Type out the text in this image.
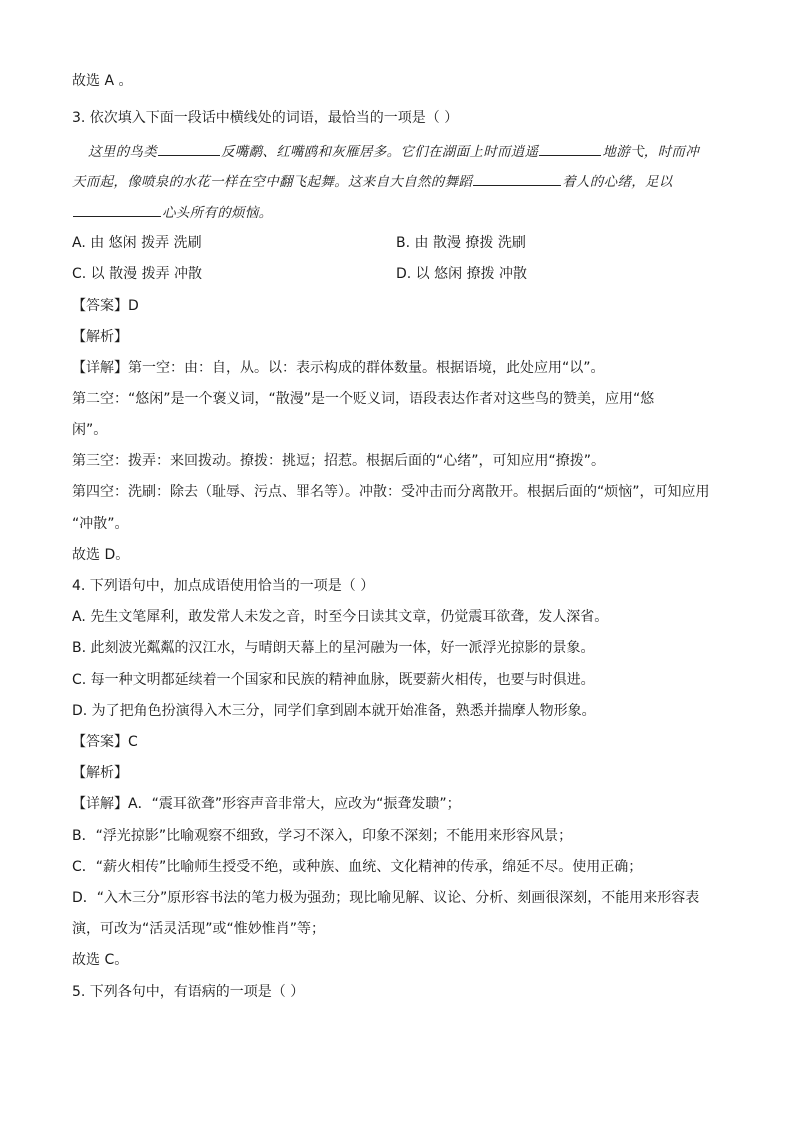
故选 A 。
3. 依次填入下面一段话中横线处的词语，最恰当的一项是（ ）
这里的鸟类	反嘴鹬、红嘴鸥和灰雁居多。它们在湖面上时而逍遥	地游弋，时而冲
天而起，像喷泉的水花一样在空中翻飞起舞。这来自大自然的舞蹈	着人的心绪，足以
心头所有的烦恼。
A. 由 悠闲 拨弄 洗刷	B. 由 散漫 撩拨 洗刷
C. 以 散漫 拨弄 冲散	D. 以 悠闲 撩拨 冲散
【答案】D
【解析】
【详解】第一空：由：自，从。以：表示构成的群体数量。根据语境，此处应用“以”。
第二空：“悠闲”是一个褒义词，“散漫”是一个贬义词，语段表达作者对这些鸟的赞美，应用“悠
闲”。
第三空：拨弄：来回拨动。撩拨：挑逗；招惹。根据后面的“心绪”，可知应用“撩拨”。
第四空：洗刷：除去（耻辱、污点、罪名等）。冲散：受冲击而分离散开。根据后面的“烦恼”，可知应用
“冲散”。
故选 D。
4. 下列语句中，加点成语使用恰当的一项是（ ）
A. 先生文笔犀利，敢发常人未发之音，时至今日读其文章，仍觉震耳欲聋，发人深省。
B. 此刻波光粼粼的汉江水，与晴朗天幕上的星河融为一体，好一派浮光掠影的景象。
C. 每一种文明都延续着一个国家和民族的精神血脉，既要薪火相传，也要与时俱进。
D. 为了把角色扮演得入木三分，同学们拿到剧本就开始准备，熟悉并揣摩人物形象。
【答案】C
【解析】
【详解】A．“震耳欲聋”形容声音非常大，应改为“振聋发聩”；
B．“浮光掠影”比喻观察不细致，学习不深入，印象不深刻；不能用来形容风景；
C．“薪火相传”比喻师生授受不绝，或种族、血统、文化精神的传承，绵延不尽。使用正确；
D．“入木三分”原形容书法的笔力极为强劲；现比喻见解、议论、分析、刻画很深刻，不能用来形容表
演，可改为“活灵活现”或“惟妙惟肖”等；
故选 C。
5. 下列各句中，有语病的一项是（ ）
